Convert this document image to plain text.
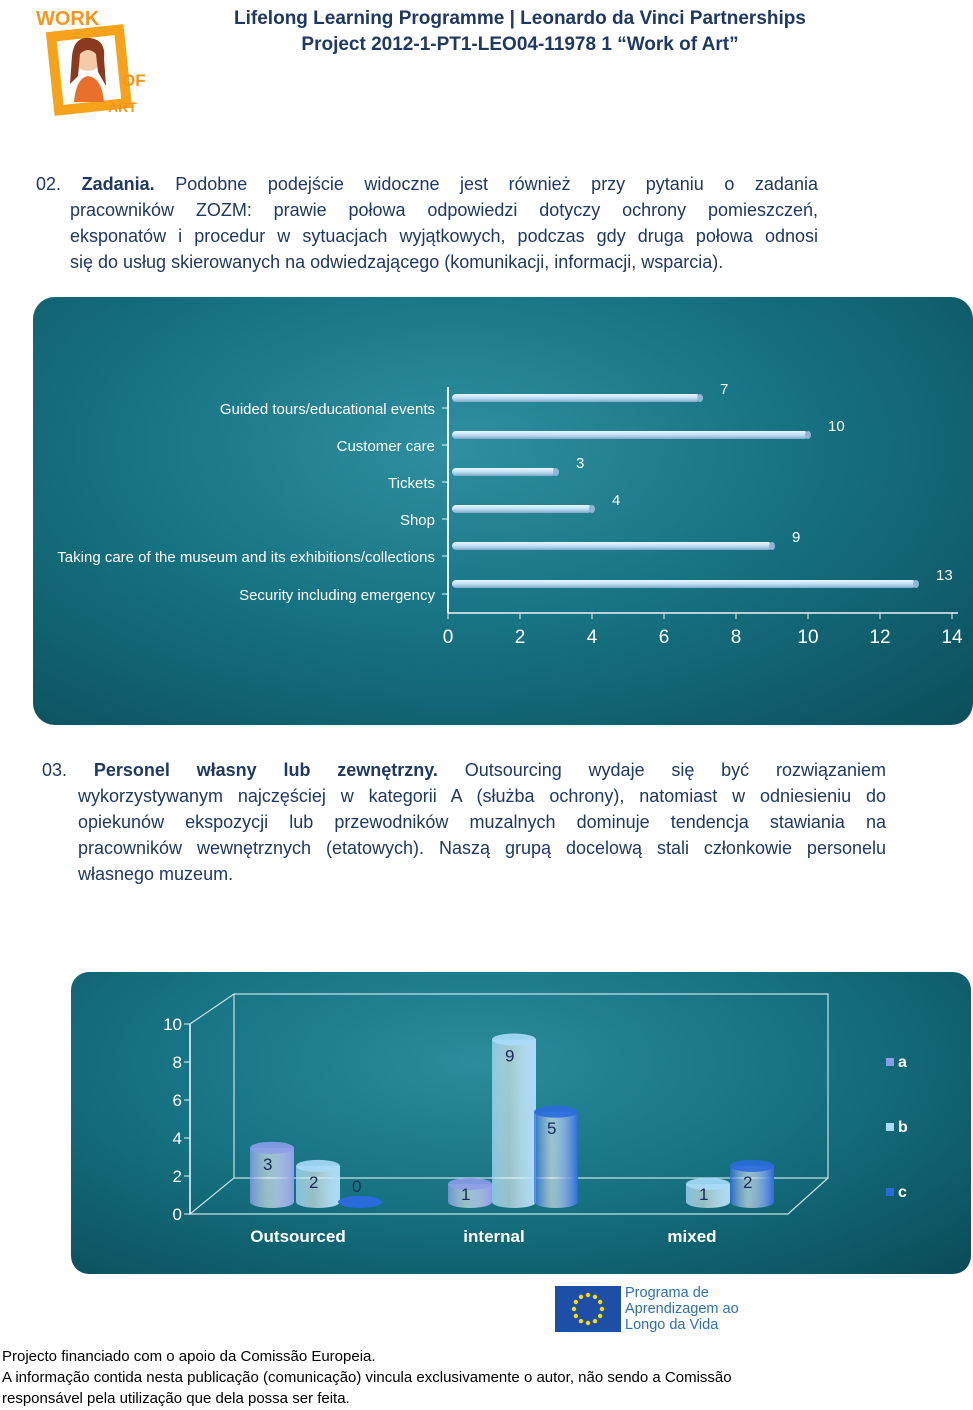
WORK
OF
ART
Lifelong Learning Programme | Leonardo da Vinci Partnerships
Project 2012-1-PT1-LEO04-11978 1 “Work of Art”
02. Zadania. Podobne podejście widoczne jest również przy pytaniu o zadania
pracowników ZOZM: prawie połowa odpowiedzi dotyczy ochrony pomieszczeń,
eksponatów i procedur w sytuacjach wyjątkowych, podczas gdy druga połowa odnosi
się do usług skierowanych na odwiedzającego (komunikacji, informacji, wsparcia).
Guided tours/educational events
7
Customer care
10
Tickets
3
Shop
4
Taking care of the museum and its exhibitions/collections
9
Security including emergency
13
0	2	4	6	8	10	12	14
03. Personel własny lub zewnętrzny. Outsourcing wydaje się być rozwiązaniem
wykorzystywanym najczęściej w kategorii A (służba ochrony), natomiast w odniesieniu do
opiekunów ekspozycji lub przewodników muzalnych dominuje tendencja stawiania na
pracowników wewnętrznych (etatowych). Naszą grupą docelową stali członkowie personelu
własnego muzeum.
0
2
4
6
8
10
3
2 0
Outsourced
1
9
5
internal
1
2
mixed
a
b
c
Programa de
Aprendizagem ao
Longo da Vida
Projecto financiado com o apoio da Comissão Europeia.
A informação contida nesta publicação (comunicação) vincula exclusivamente o autor, não sendo a Comissão
responsável pela utilização que dela possa ser feita.
